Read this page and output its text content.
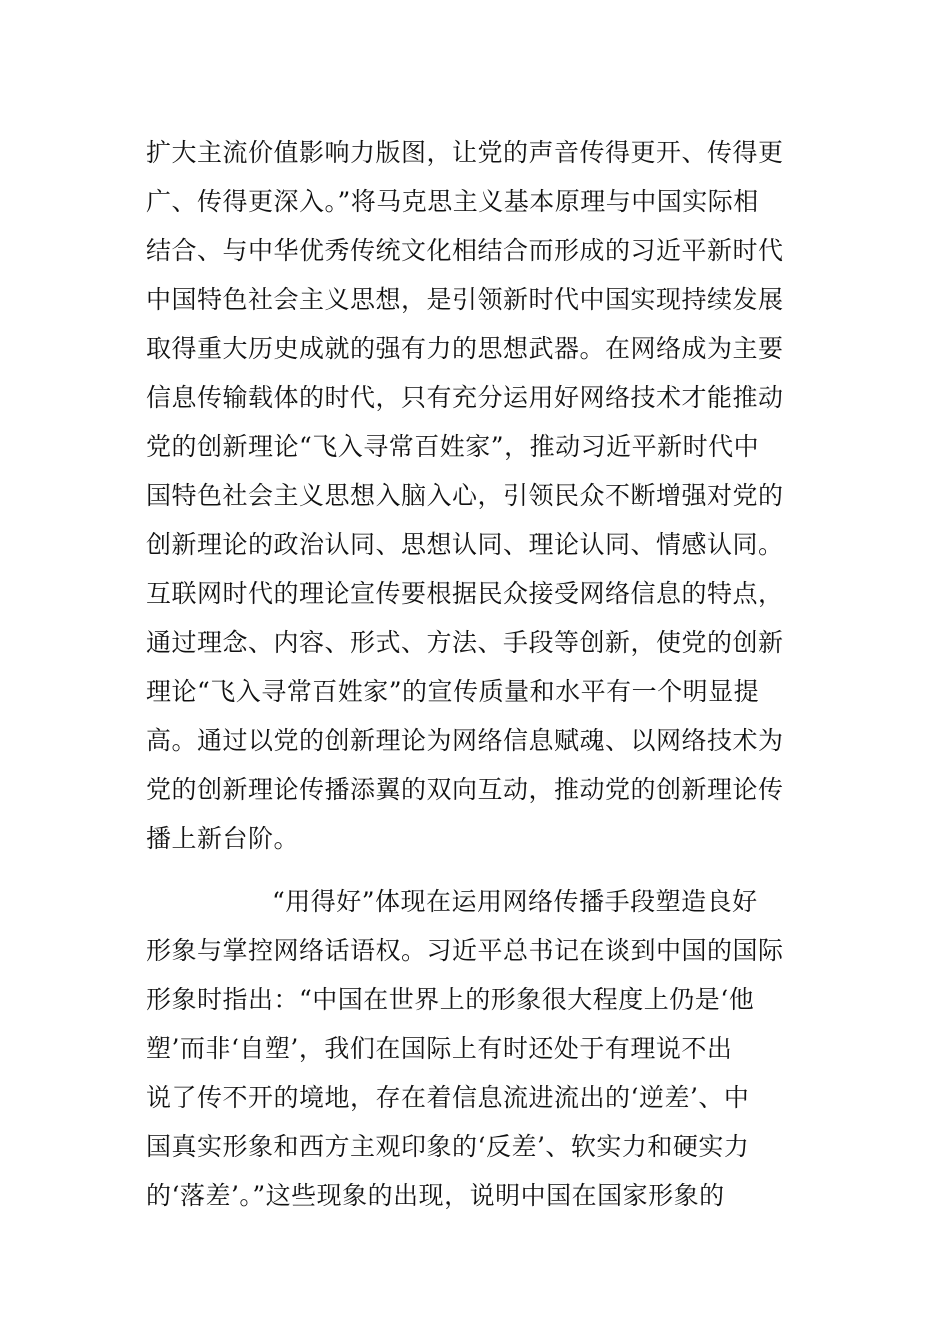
扩大主流价值影响力版图，让党的声音传得更开、传得更
广、传得更深入。”将马克思主义基本原理与中国实际相
结合、与中华优秀传统文化相结合而形成的习近平新时代
中国特色社会主义思想，是引领新时代中国实现持续发展
取得重大历史成就的强有力的思想武器。在网络成为主要
信息传输载体的时代，只有充分运用好网络技术才能推动
党的创新理论“飞入寻常百姓家”，推动习近平新时代中
国特色社会主义思想入脑入心，引领民众不断增强对党的
创新理论的政治认同、思想认同、理论认同、情感认同。
互联网时代的理论宣传要根据民众接受网络信息的特点，
通过理念、内容、形式、方法、手段等创新，使党的创新
理论“飞入寻常百姓家”的宣传质量和水平有一个明显提
高。通过以党的创新理论为网络信息赋魂、以网络技术为
党的创新理论传播添翼的双向互动，推动党的创新理论传
播上新台阶。
“用得好”体现在运用网络传播手段塑造良好
形象与掌控网络话语权。习近平总书记在谈到中国的国际
形象时指出：“中国在世界上的形象很大程度上仍是‘他
塑’而非‘自塑’，我们在国际上有时还处于有理说不出
说了传不开的境地，存在着信息流进流出的‘逆差’、中
国真实形象和西方主观印象的‘反差’、软实力和硬实力
的‘落差’。”这些现象的出现，说明中国在国家形象的
